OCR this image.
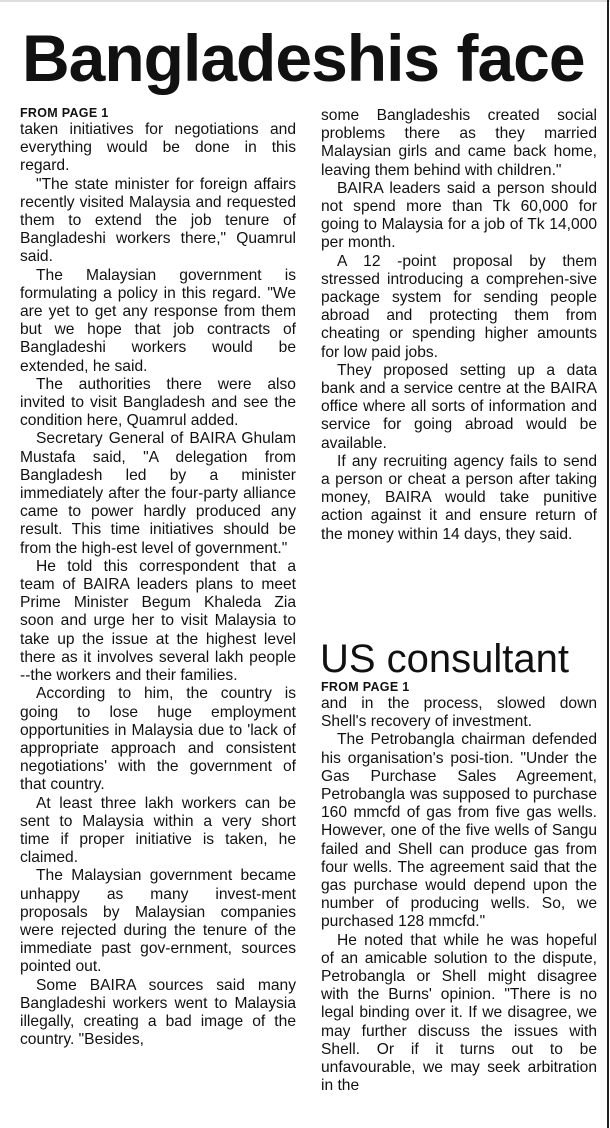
Bangladeshis face

FROM PAGE 1

taken initiatives for negotiations and everything would be done in this regard.

"The state minister for foreign affairs recently visited Malaysia and requested them to extend the job tenure of Bangladeshi workers there," Quamrul said.

The Malaysian government is formulating a policy in this regard. "We are yet to get any response from them but we hope that job contracts of Bangladeshi workers would be extended, he said.

The authorities there were also invited to visit Bangladesh and see the condition here, Quamrul added.

Secretary General of BAIRA Ghulam Mustafa said, "A delegation from Bangladesh led by a minister immediately after the four-party alliance came to power hardly produced any result. This time initiatives should be from the high-est level of government."

He told this correspondent that a team of BAIRA leaders plans to meet Prime Minister Begum Khaleda Zia soon and urge her to visit Malaysia to take up the issue at the highest level there as it involves several lakh people --the workers and their families.

According to him, the country is going to lose huge employment opportunities in Malaysia due to 'lack of appropriate approach and consistent negotiations' with the government of that country.

At least three lakh workers can be sent to Malaysia within a very short time if proper initiative is taken, he claimed.

The Malaysian government became unhappy as many invest-ment proposals by Malaysian companies were rejected during the tenure of the immediate past gov-ernment, sources pointed out.

Some BAIRA sources said many Bangladeshi workers went to Malaysia illegally, creating a bad image of the country. "Besides,

some Bangladeshis created social problems there as they married Malaysian girls and came back home, leaving them behind with children."

BAIRA leaders said a person should not spend more than Tk 60,000 for going to Malaysia for a job of Tk 14,000 per month.

A 12 -point proposal by them stressed introducing a comprehen-sive package system for sending people abroad and protecting them from cheating or spending higher amounts for low paid jobs.

They proposed setting up a data bank and a service centre at the BAIRA office where all sorts of information and service for going abroad would be available.

If any recruiting agency fails to send a person or cheat a person after taking money, BAIRA would take punitive action against it and ensure return of the money within 14 days, they said.

US consultant

FROM PAGE 1

and in the process, slowed down Shell's recovery of investment.

The Petrobangla chairman defended his organisation's posi-tion. "Under the Gas Purchase Sales Agreement, Petrobangla was supposed to purchase 160 mmcfd of gas from five gas wells. However, one of the five wells of Sangu failed and Shell can produce gas from four wells. The agreement said that the gas purchase would depend upon the number of producing wells. So, we purchased 128 mmcfd."

He noted that while he was hopeful of an amicable solution to the dispute, Petrobangla or Shell might disagree with the Burns' opinion. "There is no legal binding over it. If we disagree, we may further discuss the issues with Shell. Or if it turns out to be unfavourable, we may seek arbitration in the
